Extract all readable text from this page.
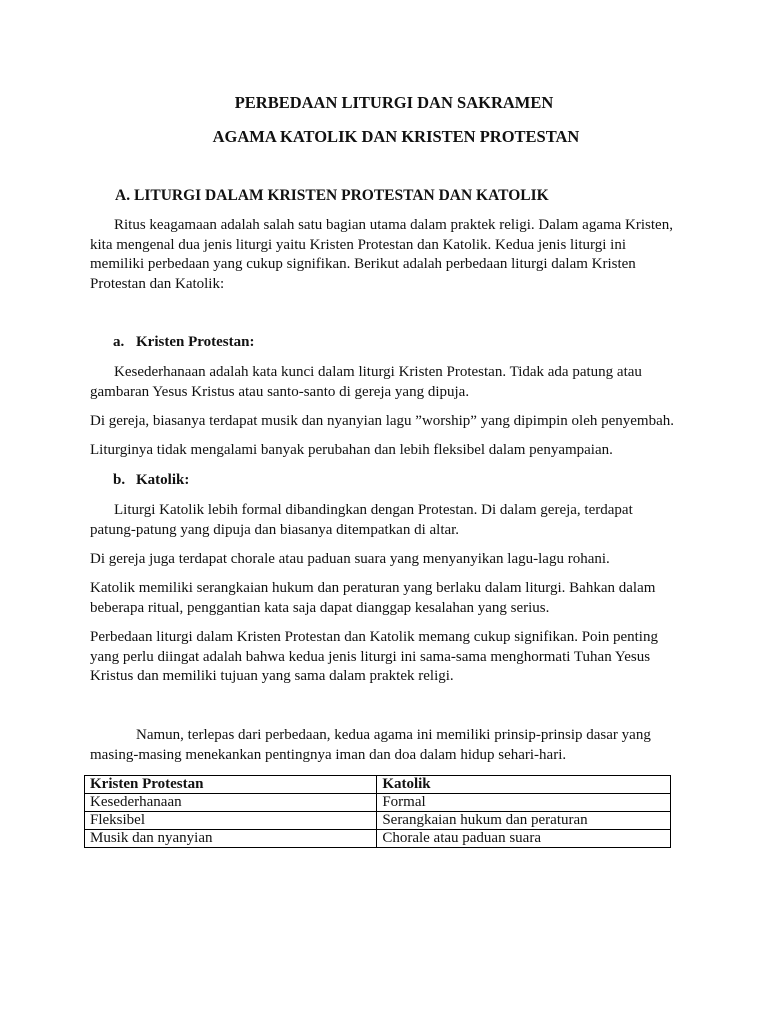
PERBEDAAN LITURGI DAN SAKRAMEN
AGAMA KATOLIK DAN KRISTEN PROTESTAN
A. LITURGI DALAM KRISTEN PROTESTAN DAN KATOLIK
Ritus keagamaan adalah salah satu bagian utama dalam praktek religi. Dalam agama Kristen,
kita mengenal dua jenis liturgi yaitu Kristen Protestan dan Katolik. Kedua jenis liturgi ini
memiliki perbedaan yang cukup signifikan. Berikut adalah perbedaan liturgi dalam Kristen
Protestan dan Katolik:
a. Kristen Protestan:
Kesederhanaan adalah kata kunci dalam liturgi Kristen Protestan. Tidak ada patung atau
gambaran Yesus Kristus atau santo-santo di gereja yang dipuja.
Di gereja, biasanya terdapat musik dan nyanyian lagu ”worship” yang dipimpin oleh penyembah.
Liturginya tidak mengalami banyak perubahan dan lebih fleksibel dalam penyampaian.
b. Katolik:
Liturgi Katolik lebih formal dibandingkan dengan Protestan. Di dalam gereja, terdapat
patung-patung yang dipuja dan biasanya ditempatkan di altar.
Di gereja juga terdapat chorale atau paduan suara yang menyanyikan lagu-lagu rohani.
Katolik memiliki serangkaian hukum dan peraturan yang berlaku dalam liturgi. Bahkan dalam
beberapa ritual, penggantian kata saja dapat dianggap kesalahan yang serius.
Perbedaan liturgi dalam Kristen Protestan dan Katolik memang cukup signifikan. Poin penting
yang perlu diingat adalah bahwa kedua jenis liturgi ini sama-sama menghormati Tuhan Yesus
Kristus dan memiliki tujuan yang sama dalam praktek religi.
Namun, terlepas dari perbedaan, kedua agama ini memiliki prinsip-prinsip dasar yang
masing-masing menekankan pentingnya iman dan doa dalam hidup sehari-hari.
Kristen Protestan	Katolik
Kesederhanaan	Formal
Fleksibel	Serangkaian hukum dan peraturan
Musik dan nyanyian	Chorale atau paduan suara
